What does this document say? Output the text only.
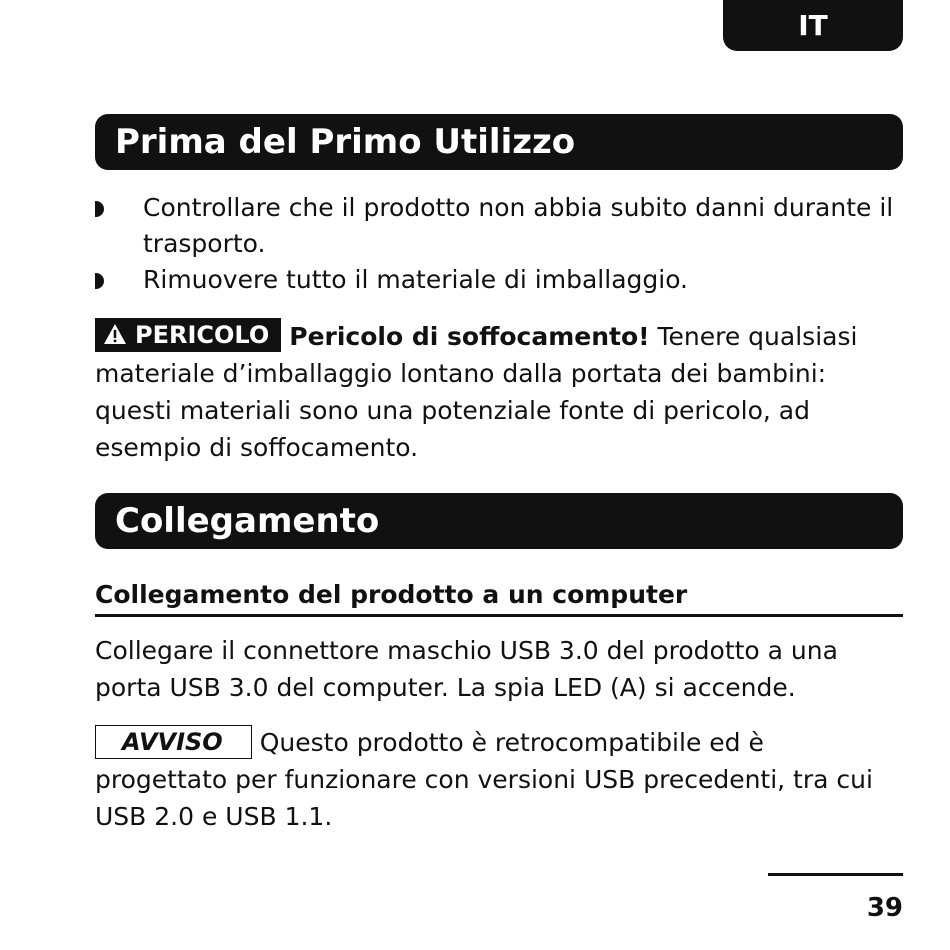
IT
Prima del Primo Utilizzo
Controllare che il prodotto non abbia subito danni durante il trasporto.
Rimuovere tutto il materiale di imballaggio.

PERICOLO Pericolo di soffocamento! Tenere qualsiasi materiale d’imballaggio lontano dalla portata dei bambini: questi materiali sono una potenziale fonte di pericolo, ad esempio di soffocamento.

Collegamento
Collegamento del prodotto a un computer

Collegare il connettore maschio USB 3.0 del prodotto a una porta USB 3.0 del computer. La spia LED (A) si accende.

AVVISO Questo prodotto è retrocompatibile ed è progettato per funzionare con versioni USB precedenti, tra cui USB 2.0 e USB 1.1.

39
